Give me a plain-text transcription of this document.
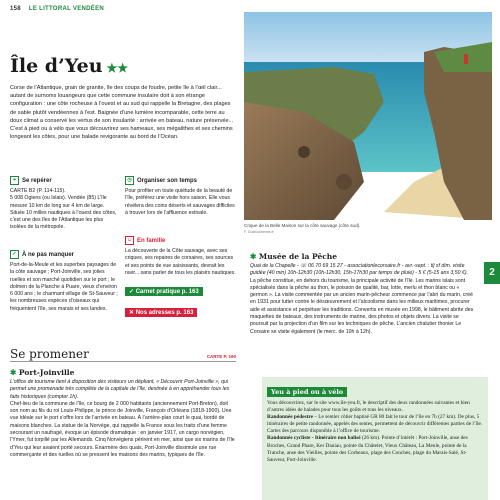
158 LE LITTORAL VENDÉEN
Île d’Yeu ★★
Corse de l’Atlantique, grain de granite, île des coups de foudre, petite île à l’œil clair... autant de surnoms louangeurs que cette commune insulaire doit à son étrange configuration : une côte rocheuse à l’ouest et au sud qui rappelle la Bretagne, des plages de sable plutôt vendéennes à l’est. Baignée d’une lumière incomparable, cette terre au doux climat a conservé les vertus de son insularité : arrivée en bateau, nature préservée... C’est à pied ou à vélo que vous découvrirez ses hameaux, ses mégalithes et ses chemins longeant les côtes, pour une balade revigorante au bord de l’Océan.
⌖	Se repérer
CARTE B2 (P. 114-115).
5 008 Ogiens (ou Islais). Vendée (85) L’île mesure 10 km de long sur 4 km de large. Située 10 milles nautiques à l’ouest des côtes, c’est une des îles de l’Atlantique les plus isolées de la métropole.
✓ À ne pas manquer
Port-de-la-Meule et les superbes paysages de la côte sauvage ; Port-Joinville, ses jolies ruelles et son marché quotidien sur le port ; le dolmen de la Planche à Puare, vieux d’environ 6 000 ans ; le charmant village de St-Sauveur ; les nombreuses espèces d’oiseaux qui fréquentent l’île, ses marais et ses landes.
◷ Organiser son temps
Pour profiter en toute quiétude de la beauté de l’île, préférez une visite hors saison. Elle vous révélera des coins déserts et sauvages difficiles à trouver lors de l’affluence estivale.
☺ En famille
La découverte de la Côte sauvage, avec ses criques, ses repaires de corsaires, ses sources et ses points de vue saisissants, devrait les ravir... sans parler de tous les plaisirs nautiques.
✓ Carnet pratique p. 163
✕ Nos adresses p. 163
Se promener	CARTE P. 160
✱ Port-Joinville
L’office de tourisme tient à disposition des visiteurs un dépliant, « Découvrir Port-Joinville », qui permet une promenade très complète de la capitale de l’île, destinée à en appréhender tous les faits historiques (compter 1h).
Chef-lieu de la commune de l’île, ce bourg de 2 000 habitants (anciennement Port-Breton), doit son nom au fils du roi Louis-Philippe, le prince de Joinville, François d’Orléans (1818-1900). Une vue idéale sur le port s’offre lors de l’arrivée en bateau. À l’arrière-plan court le quai, bordé de maisons blanches. La statue de la Norvège, qui rappelle la France sous les traits d’une femme secourant un naufragé, évoque un épisode dramatique : en janvier 1917, un cargo norvégien, l’Ymer, fut torpillé par les Allemands. Cinq Norvégiens périrent en mer, ainsi que six marins de l’île d’Yeu qui leur avaient porté secours. Énarmère des quais, Port-Joinville dissimule une rue commerçante et des ruelles où se pressent les maisons des marins, typiques de l’île.
Crique de la Belle Maison sur la côte sauvage (côte sud).
F. Guiziou/hemis.fr
2
✱ Musée de la Pêche
Quai de la Chapelle - ☏ 06 70 69 15 27 - associationlecorsaire.fr - avr.-sept. : tlj sf dim. visite guidée (40 min) 10h-12h30 (10h-12h30, 15h-17h30 par temps de pluie) - 5 € (5-15 ans 3,50 €).
La pêche constitue, en dehors du tourisme, la principale activité de l’île. Les marins islais sont spécialisés dans la pêche au thon, le poisson de qualité, bar, lotte, merlu et thon blanc ou « germon ». La visite commentée par un ancien marin-pêcheur commence par l’abri du marin, créé en 1931 pour lutter contre le désœuvrement et l’alcoolisme dans les milieux maritimes, procurer aide et assistance et perpétuer les traditions. Convertis en musée en 1998, le bâtiment abrite des maquettes de bateaux, des instruments de marine, des photos et objets divers. La visite se poursuit par la projection d’un film sur les techniques de pêche. L’ancien chalutier thonier Le Corsaire se visite également (le merc. de 10h à 12h).
Yeu à pied ou à vélo
Vous découvrirez, sur le site www.ile-yeu.fr, le descriptif des deux randonnées suivantes et bien d’autres idées de balades pour tous les goûts et tous les niveaux.
Randonnée pédestre – Le sentier côtier baptisé GR 80 fait le tour de l’île en 7h (27 km). De plus, 5 itinéraires de petite randonnée, appelés des sentes, permettent de découvrir différentes parties de l’île. Cartes des parcours disponible à l’office de tourisme.
Randonnée cycliste - Itinéraire non balisé (26 km). Pointe d’intérêt : Port-Joinville, anse des Broches, Grand Phare, Ker Daniau, pointe du Châtelet, Vieux Château, La Meule, pointe de la Tranche, anse des Vieilles, pointe des Corbeaux, plage des Conches, plage du Marais-Salé, St-Sauveur, Port-Joinville.
